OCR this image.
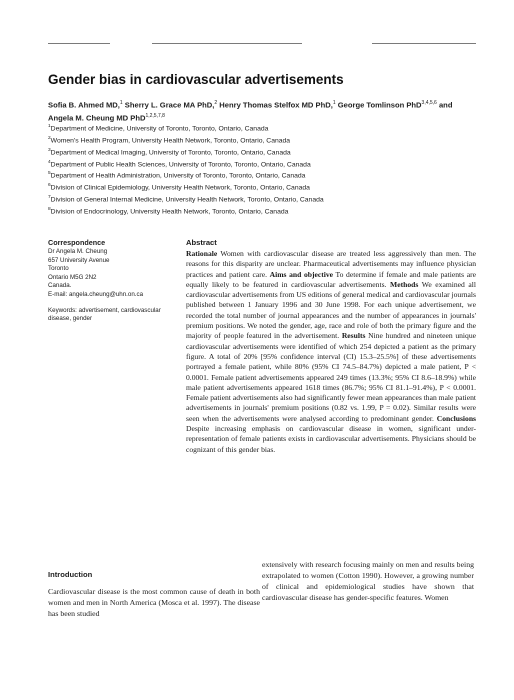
Gender bias in cardiovascular advertisements
Sofia B. Ahmed MD,$^1$ Sherry L. Grace MA PhD,$^2$ Henry Thomas Stelfox MD PhD,$^1$ George Tomlinson PhD$^{3,4,5,6}$ and Angela M. Cheung MD PhD$^{1,2,5,7,8}$
$^1$Department of Medicine, University of Toronto, Toronto, Ontario, Canada
$^2$Women's Health Program, University Health Network, Toronto, Ontario, Canada
$^3$Department of Medical Imaging, University of Toronto, Toronto, Ontario, Canada
$^4$Department of Public Health Sciences, University of Toronto, Toronto, Ontario, Canada
$^5$Department of Health Administration, University of Toronto, Toronto, Ontario, Canada
$^6$Division of Clinical Epidemiology, University Health Network, Toronto, Ontario, Canada
$^7$Division of General Internal Medicine, University Health Network, Toronto, Ontario, Canada
$^8$Division of Endocrinology, University Health Network, Toronto, Ontario, Canada
Correspondence
Dr Angela M. Cheung
657 University Avenue
Toronto
Ontario M5G 2N2
Canada.
E-mail: angela.cheung@uhn.on.ca
Keywords: advertisement, cardiovascular disease, gender
Abstract
Rationale Women with cardiovascular disease are treated less aggressively than men. The reasons for this disparity are unclear. Pharmaceutical advertisements may influence physician practices and patient care. Aims and objective To determine if female and male patients are equally likely to be featured in cardiovascular advertisements. Methods We examined all cardiovascular advertisements from US editions of general medical and cardiovascular journals published between 1 January 1996 and 30 June 1998. For each unique advertisement, we recorded the total number of journal appearances and the number of appearances in journals' premium positions. We noted the gender, age, race and role of both the primary figure and the majority of people featured in the advertisement. Results Nine hundred and nineteen unique cardiovascular advertisements were identified of which 254 depicted a patient as the primary figure. A total of 20% [95% confidence interval (CI) 15.3–25.5%] of these advertisements portrayed a female patient, while 80% (95% CI 74.5–84.7%) depicted a male patient, P < 0.0001. Female patient advertisements appeared 249 times (13.3%; 95% CI 8.6–18.9%) while male patient advertisements appeared 1618 times (86.7%; 95% CI 81.1–91.4%), P < 0.0001. Female patient advertisements also had significantly fewer mean appearances than male patient advertisements in journals' premium positions (0.82 vs. 1.99, P = 0.02). Similar results were seen when the advertisements were analysed according to predominant gender. Conclusions Despite increasing emphasis on cardiovascular disease in women, significant under-representation of female patients exists in cardiovascular advertisements. Physicians should be cognizant of this gender bias.
Introduction
Cardiovascular disease is the most common cause of death in both women and men in North America (Mosca et al. 1997). The disease has been studied
extensively with research focusing mainly on men and results being extrapolated to women (Cotton 1990). However, a growing number of clinical and epidemiological studies have shown that cardiovascular disease has gender-specific features. Women
